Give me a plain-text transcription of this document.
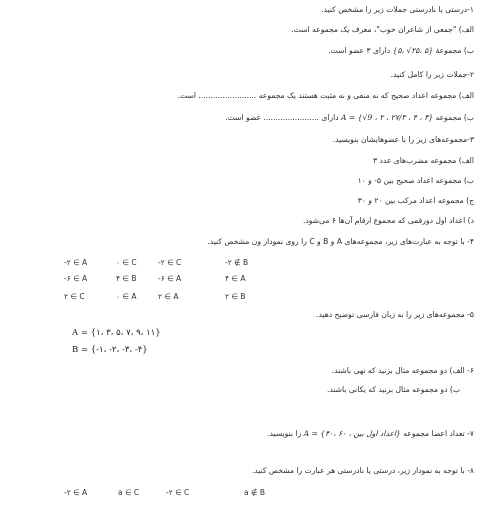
۱-درستی یا نادرستی جملات زیر را مشخص کنید.
الف) "جمعی از شاعران خوب"، معرف یک مجموعه است.
ب) مجموعهٔ {۵، √۲۵، ۵} دارای ۳ عضو است.
۲-جملات زیر را کامل کنید.
الف) مجموعه اعداد صحیح که نه منفی و نه مثبت هستند یک مجموعه ........................ است.
ب) مجموعه A = {√9 ، ۲ ، ۲۷/۳ ، ۴ ، ۳} دارای ....................... عضو است.
۳-مجموعه‌های زیر را با عضوهایشان بنویسید.
الف) مجموعه مضرب‌های عدد ۳
ب) مجموعه اعداد صحیح بین ۵- و ۱۰
ج) مجموعه اعداد مرکب بین ۲۰ و ۳۰
د) اعداد اول دورقمی که مجموع ارقام آن‌ها ۶ می‌شود.
۴- با توجه به عبارت‌های زیر، مجموعه‌های A و B و C را روی نمودار ون مشخص کنید.
-۲ ∈ A	۰ ∈ C	-۲ ∈ C	-۲ ∉ B
-۶ ∈ A	۴ ∈ B	-۶ ∈ A	۴ ∈ A
۲ ∈ C	۰ ∈ A	۲ ∈ A	۲ ∈ B
۵- مجموعه‌های زیر را به زبان فارسی توضیح دهید.
A = {۱، ۳، ۵، ۷، ۹، ۱۱}
B = {-۱، -۲، -۳، -۴}
۶- الف) دو مجموعه مثال بزنید که تهی باشند.
ب) دو مجموعه مثال بزنید که یکانی باشند.
۷- تعداد اعضا مجموعه A = {۴۰، ۶۰ ، اعداد اول بین} را بنویسید.
۸- با توجه به نمودار زیر، درستی یا نادرستی هر عبارت را مشخص کنید.
-۲ ∈ A	a ∈ C	-۲ ∈ C	a ∉ B
